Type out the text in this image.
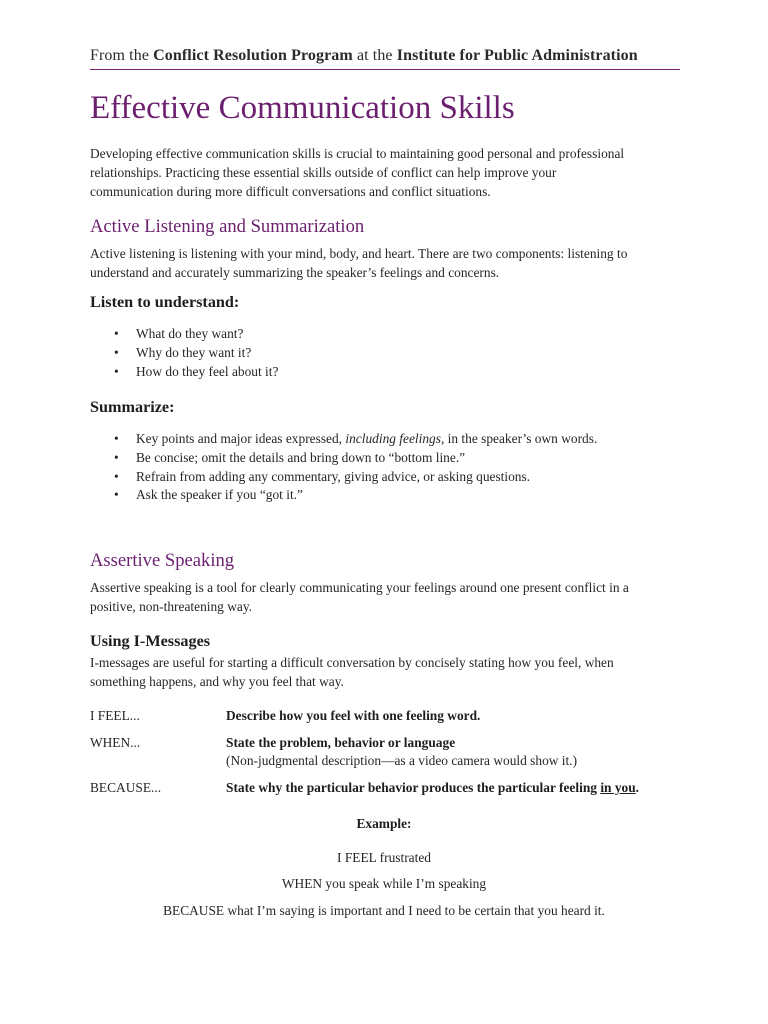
From the Conflict Resolution Program at the Institute for Public Administration
Effective Communication Skills
Developing effective communication skills is crucial to maintaining good personal and professional
relationships. Practicing these essential skills outside of conflict can help improve your
communication during more difficult conversations and conflict situations.
Active Listening and Summarization
Active listening is listening with your mind, body, and heart. There are two components: listening to
understand and accurately summarizing the speaker’s feelings and concerns.
Listen to understand:
• What do they want?
• Why do they want it?
• How do they feel about it?
Summarize:
• Key points and major ideas expressed, including feelings, in the speaker’s own words.
• Be concise; omit the details and bring down to “bottom line.”
• Refrain from adding any commentary, giving advice, or asking questions.
• Ask the speaker if you “got it.”
Assertive Speaking
Assertive speaking is a tool for clearly communicating your feelings around one present conflict in a
positive, non-threatening way.
Using I-Messages
I-messages are useful for starting a difficult conversation by concisely stating how you feel, when
something happens, and why you feel that way.
I FEEL...	Describe how you feel with one feeling word.
WHEN...	State the problem, behavior or language
(Non-judgmental description—as a video camera would show it.)
BECAUSE...	State why the particular behavior produces the particular feeling in you.
Example:
I FEEL frustrated
WHEN you speak while I’m speaking
BECAUSE what I’m saying is important and I need to be certain that you heard it.
